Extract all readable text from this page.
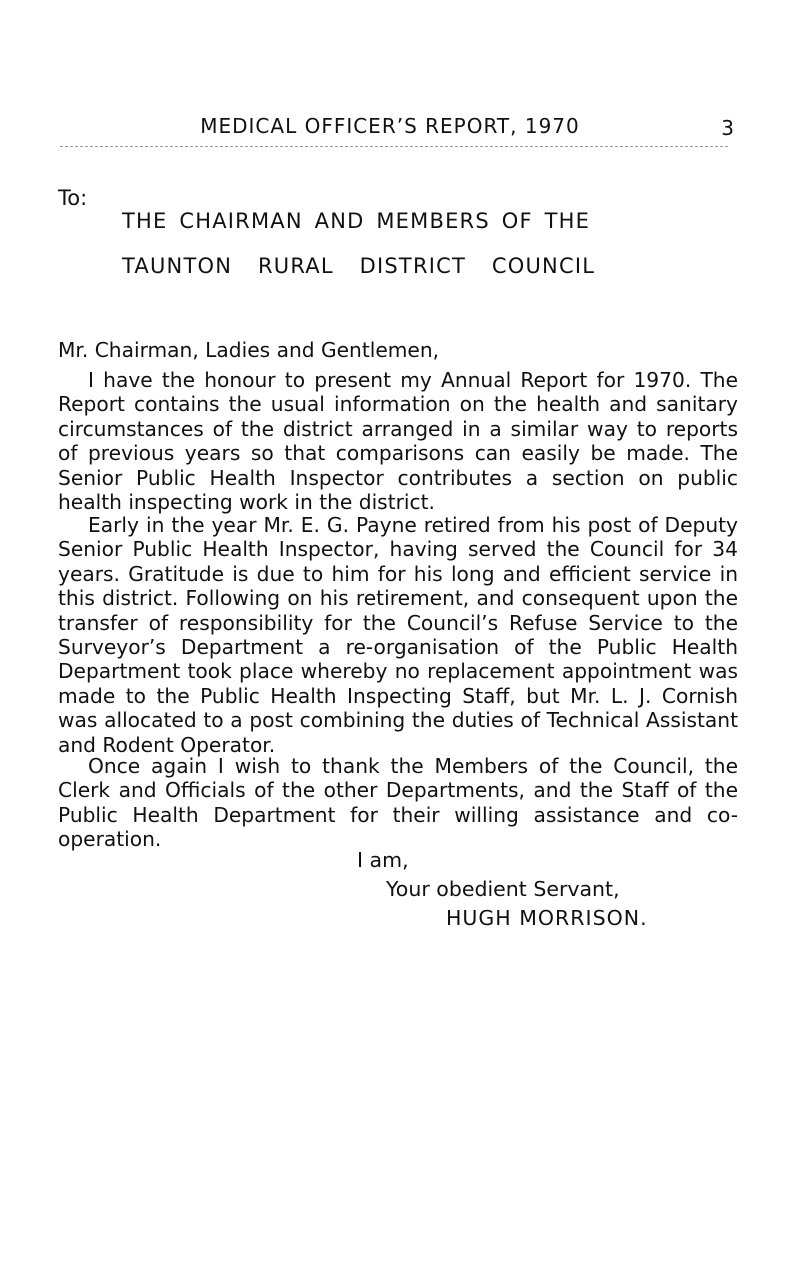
MEDICAL OFFICER’S REPORT, 1970	3
To:
THE CHAIRMAN AND MEMBERS OF THE
TAUNTON RURAL DISTRICT COUNCIL
Mr. Chairman, Ladies and Gentlemen,
I have the honour to present my Annual Report for 1970. The Report contains the usual information on the health and sanitary circumstances of the district arranged in a similar way to reports of previous years so that comparisons can easily be made. The Senior Public Health Inspector contributes a section on public health inspecting work in the district.
Early in the year Mr. E. G. Payne retired from his post of Deputy Senior Public Health Inspector, having served the Council for 34 years. Gratitude is due to him for his long and efficient service in this district. Following on his retirement, and consequent upon the transfer of responsibility for the Council’s Refuse Service to the Surveyor’s Department a re-organisation of the Public Health Department took place whereby no replacement appointment was made to the Public Health Inspecting Staff, but Mr. L. J. Cornish was allocated to a post combining the duties of Technical Assistant and Rodent Operator.
Once again I wish to thank the Members of the Council, the Clerk and Officials of the other Departments, and the Staff of the Public Health Department for their willing assistance and co-operation.
I am,
Your obedient Servant,
HUGH MORRISON.
